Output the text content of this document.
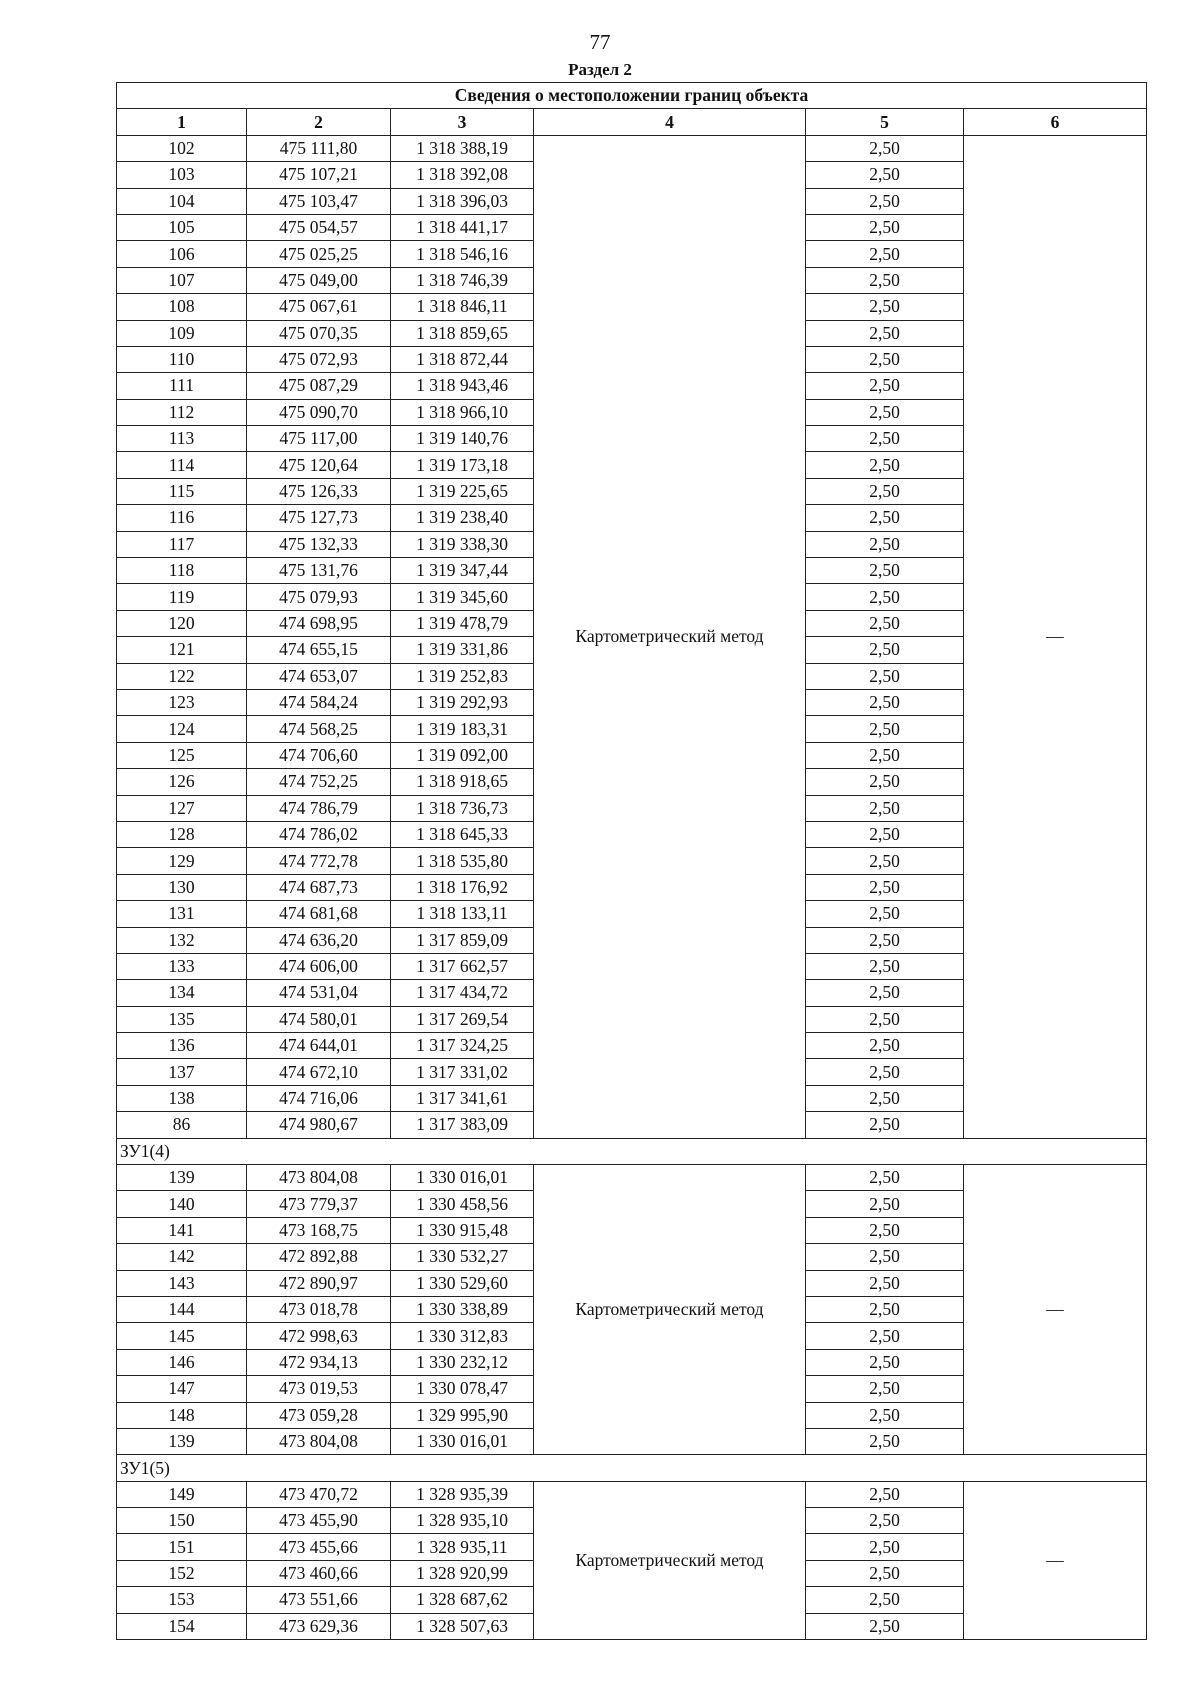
77
Раздел 2
Сведения о местоположении границ объекта					
1	2	3	4	5	6
102	475 111,80	1 318 388,19	Картометрический метод	2,50	—
103	475 107,21	1 318 392,08		2,50	
104	475 103,47	1 318 396,03		2,50	
105	475 054,57	1 318 441,17		2,50	
106	475 025,25	1 318 546,16		2,50	
107	475 049,00	1 318 746,39		2,50	
108	475 067,61	1 318 846,11		2,50	
109	475 070,35	1 318 859,65		2,50	
110	475 072,93	1 318 872,44		2,50	
111	475 087,29	1 318 943,46		2,50	
112	475 090,70	1 318 966,10		2,50	
113	475 117,00	1 319 140,76		2,50	
114	475 120,64	1 319 173,18		2,50	
115	475 126,33	1 319 225,65		2,50	
116	475 127,73	1 319 238,40		2,50	
117	475 132,33	1 319 338,30		2,50	
118	475 131,76	1 319 347,44		2,50	
119	475 079,93	1 319 345,60		2,50	
120	474 698,95	1 319 478,79		2,50	
121	474 655,15	1 319 331,86		2,50	
122	474 653,07	1 319 252,83		2,50	
123	474 584,24	1 319 292,93		2,50	
124	474 568,25	1 319 183,31		2,50	
125	474 706,60	1 319 092,00		2,50	
126	474 752,25	1 318 918,65		2,50	
127	474 786,79	1 318 736,73		2,50	
128	474 786,02	1 318 645,33		2,50	
129	474 772,78	1 318 535,80		2,50	
130	474 687,73	1 318 176,92		2,50	
131	474 681,68	1 318 133,11		2,50	
132	474 636,20	1 317 859,09		2,50	
133	474 606,00	1 317 662,57		2,50	
134	474 531,04	1 317 434,72		2,50	
135	474 580,01	1 317 269,54		2,50	
136	474 644,01	1 317 324,25		2,50	
137	474 672,10	1 317 331,02		2,50	
138	474 716,06	1 317 341,61		2,50	
86	474 980,67	1 317 383,09		2,50	
ЗУ1(4)					
139	473 804,08	1 330 016,01	Картометрический метод	2,50	—
140	473 779,37	1 330 458,56		2,50	
141	473 168,75	1 330 915,48		2,50	
142	472 892,88	1 330 532,27		2,50	
143	472 890,97	1 330 529,60		2,50	
144	473 018,78	1 330 338,89		2,50	
145	472 998,63	1 330 312,83		2,50	
146	472 934,13	1 330 232,12		2,50	
147	473 019,53	1 330 078,47		2,50	
148	473 059,28	1 329 995,90		2,50	
139	473 804,08	1 330 016,01		2,50	
ЗУ1(5)					
149	473 470,72	1 328 935,39	Картометрический метод	2,50	—
150	473 455,90	1 328 935,10		2,50	
151	473 455,66	1 328 935,11		2,50	
152	473 460,66	1 328 920,99		2,50	
153	473 551,66	1 328 687,62		2,50	
154	473 629,36	1 328 507,63		2,50	
